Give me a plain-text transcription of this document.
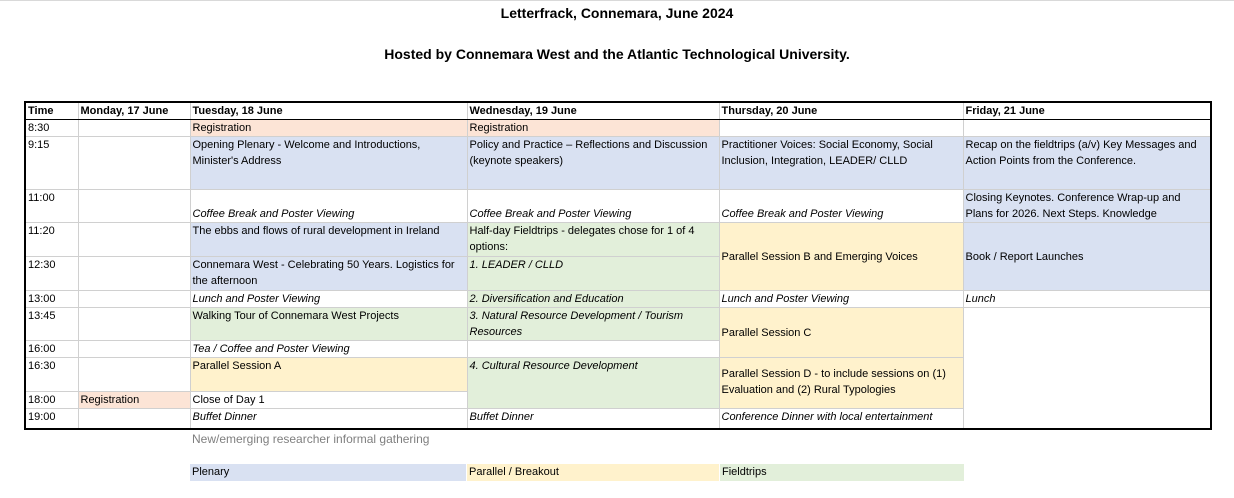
Letterfrack, Connemara, June 2024
Hosted by Connemara West and the Atlantic Technological University.
Time	Monday, 17 June	Tuesday, 18 June	Wednesday, 19 June	Thursday, 20 June	Friday, 21 June
8:30		Registration	Registration		
9:15		Opening Plenary - Welcome and Introductions, Minister's Address	Policy and Practice – Reflections and Discussion (keynote speakers)	Practitioner Voices: Social Economy, Social Inclusion, Integration, LEADER/ CLLD	Recap on the fieldtrips (a/v) Key Messages and Action Points from the Conference.
11:00		Coffee Break and Poster Viewing	Coffee Break and Poster Viewing	Coffee Break and Poster Viewing	Closing Keynotes. Conference Wrap-up and Plans for 2026. Next Steps. Knowledge
11:20		The ebbs and flows of rural development in Ireland	Half-day Fieldtrips - delegates chose for 1 of 4 options:	Parallel Session B and Emerging Voices	Book / Report Launches
12:30		Connemara West - Celebrating 50 Years. Logistics for the afternoon	1. LEADER / CLLD		
13:00		Lunch and Poster Viewing	2. Diversification and Education	Lunch and Poster Viewing	Lunch
13:45		Walking Tour of Connemara West Projects	3. Natural Resource Development / Tourism Resources	Parallel Session C	
16:00		Tea / Coffee and Poster Viewing			
16:30		Parallel Session A	4. Cultural Resource Development	Parallel Session D - to include sessions on (1) Evaluation and (2) Rural Typologies	
18:00	Registration	Close of Day 1			
19:00		Buffet Dinner	Buffet Dinner	Conference Dinner with local entertainment	
New/emerging researcher informal gathering
Plenary	Parallel / Breakout	Fieldtrips
